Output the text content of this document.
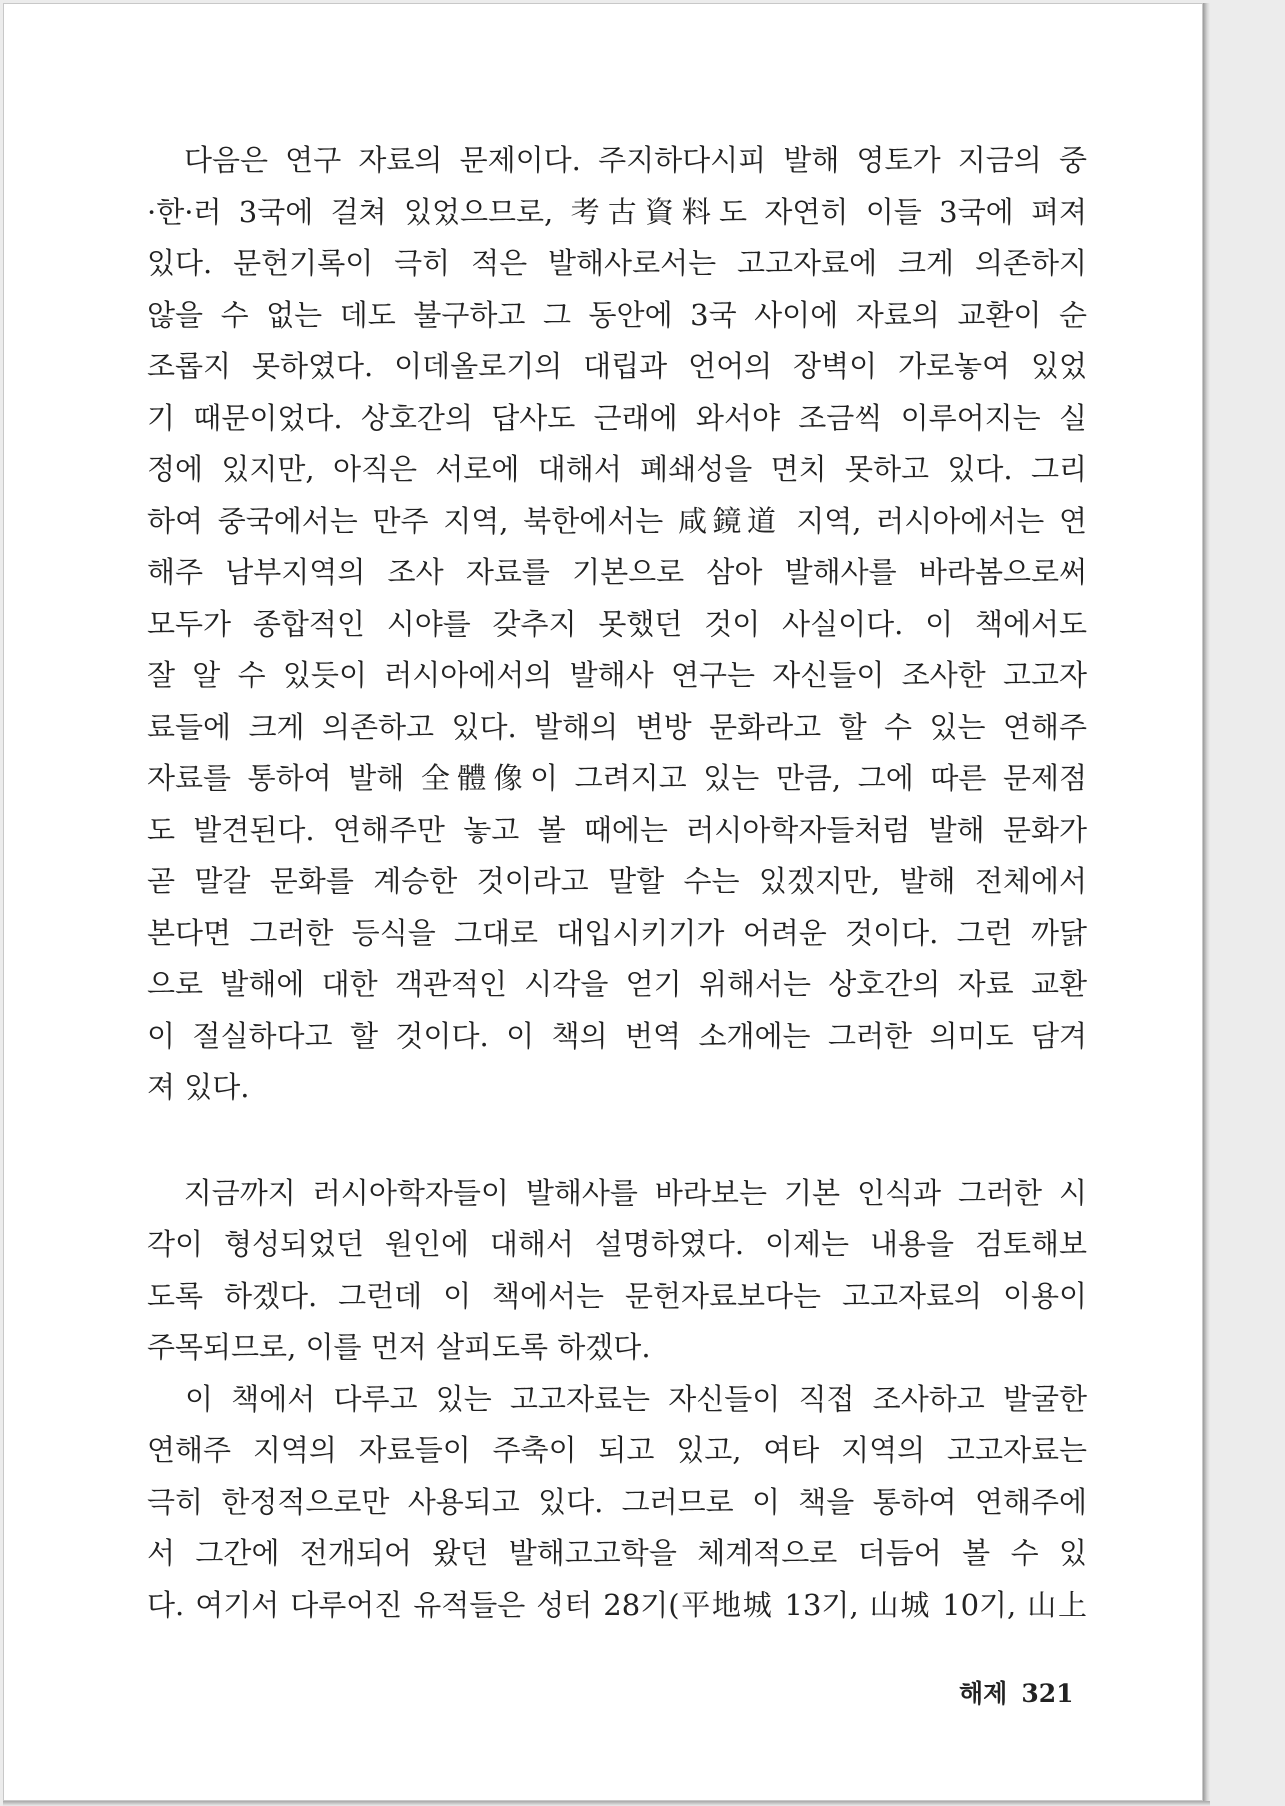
　다음은 연구 자료의 문제이다. 주지하다시피 발해 영토가 지금의 중
·한·러 3국에 걸쳐 있었으므로, 考古資料도 자연히 이들 3국에 펴져
있다. 문헌기록이 극히 적은 발해사로서는 고고자료에 크게 의존하지
않을 수 없는 데도 불구하고 그 동안에 3국 사이에 자료의 교환이 순
조롭지 못하였다. 이데올로기의 대립과 언어의 장벽이 가로놓여 있었
기 때문이었다. 상호간의 답사도 근래에 와서야 조금씩 이루어지는 실
정에 있지만, 아직은 서로에 대해서 폐쇄성을 면치 못하고 있다. 그리
하여 중국에서는 만주 지역, 북한에서는 咸鏡道 지역, 러시아에서는 연
해주 남부지역의 조사 자료를 기본으로 삼아 발해사를 바라봄으로써
모두가 종합적인 시야를 갖추지 못했던 것이 사실이다. 이 책에서도
잘 알 수 있듯이 러시아에서의 발해사 연구는 자신들이 조사한 고고자
료들에 크게 의존하고 있다. 발해의 변방 문화라고 할 수 있는 연해주
자료를 통하여 발해 全體像이 그려지고 있는 만큼, 그에 따른 문제점
도 발견된다. 연해주만 놓고 볼 때에는 러시아학자들처럼 발해 문화가
곧 말갈 문화를 계승한 것이라고 말할 수는 있겠지만, 발해 전체에서
본다면 그러한 등식을 그대로 대입시키기가 어려운 것이다. 그런 까닭
으로 발해에 대한 객관적인 시각을 얻기 위해서는 상호간의 자료 교환
이 절실하다고 할 것이다. 이 책의 번역 소개에는 그러한 의미도 담겨
져 있다.
　지금까지 러시아학자들이 발해사를 바라보는 기본 인식과 그러한 시
각이 형성되었던 원인에 대해서 설명하였다. 이제는 내용을 검토해보
도록 하겠다. 그런데 이 책에서는 문헌자료보다는 고고자료의 이용이
주목되므로, 이를 먼저 살피도록 하겠다.
　이 책에서 다루고 있는 고고자료는 자신들이 직접 조사하고 발굴한
연해주 지역의 자료들이 주축이 되고 있고, 여타 지역의 고고자료는
극히 한정적으로만 사용되고 있다. 그러므로 이 책을 통하여 연해주에
서 그간에 전개되어 왔던 발해고고학을 체계적으로 더듬어 볼 수 있
다. 여기서 다루어진 유적들은 성터 28기(平地城 13기, 山城 10기, 山上
해제 321
